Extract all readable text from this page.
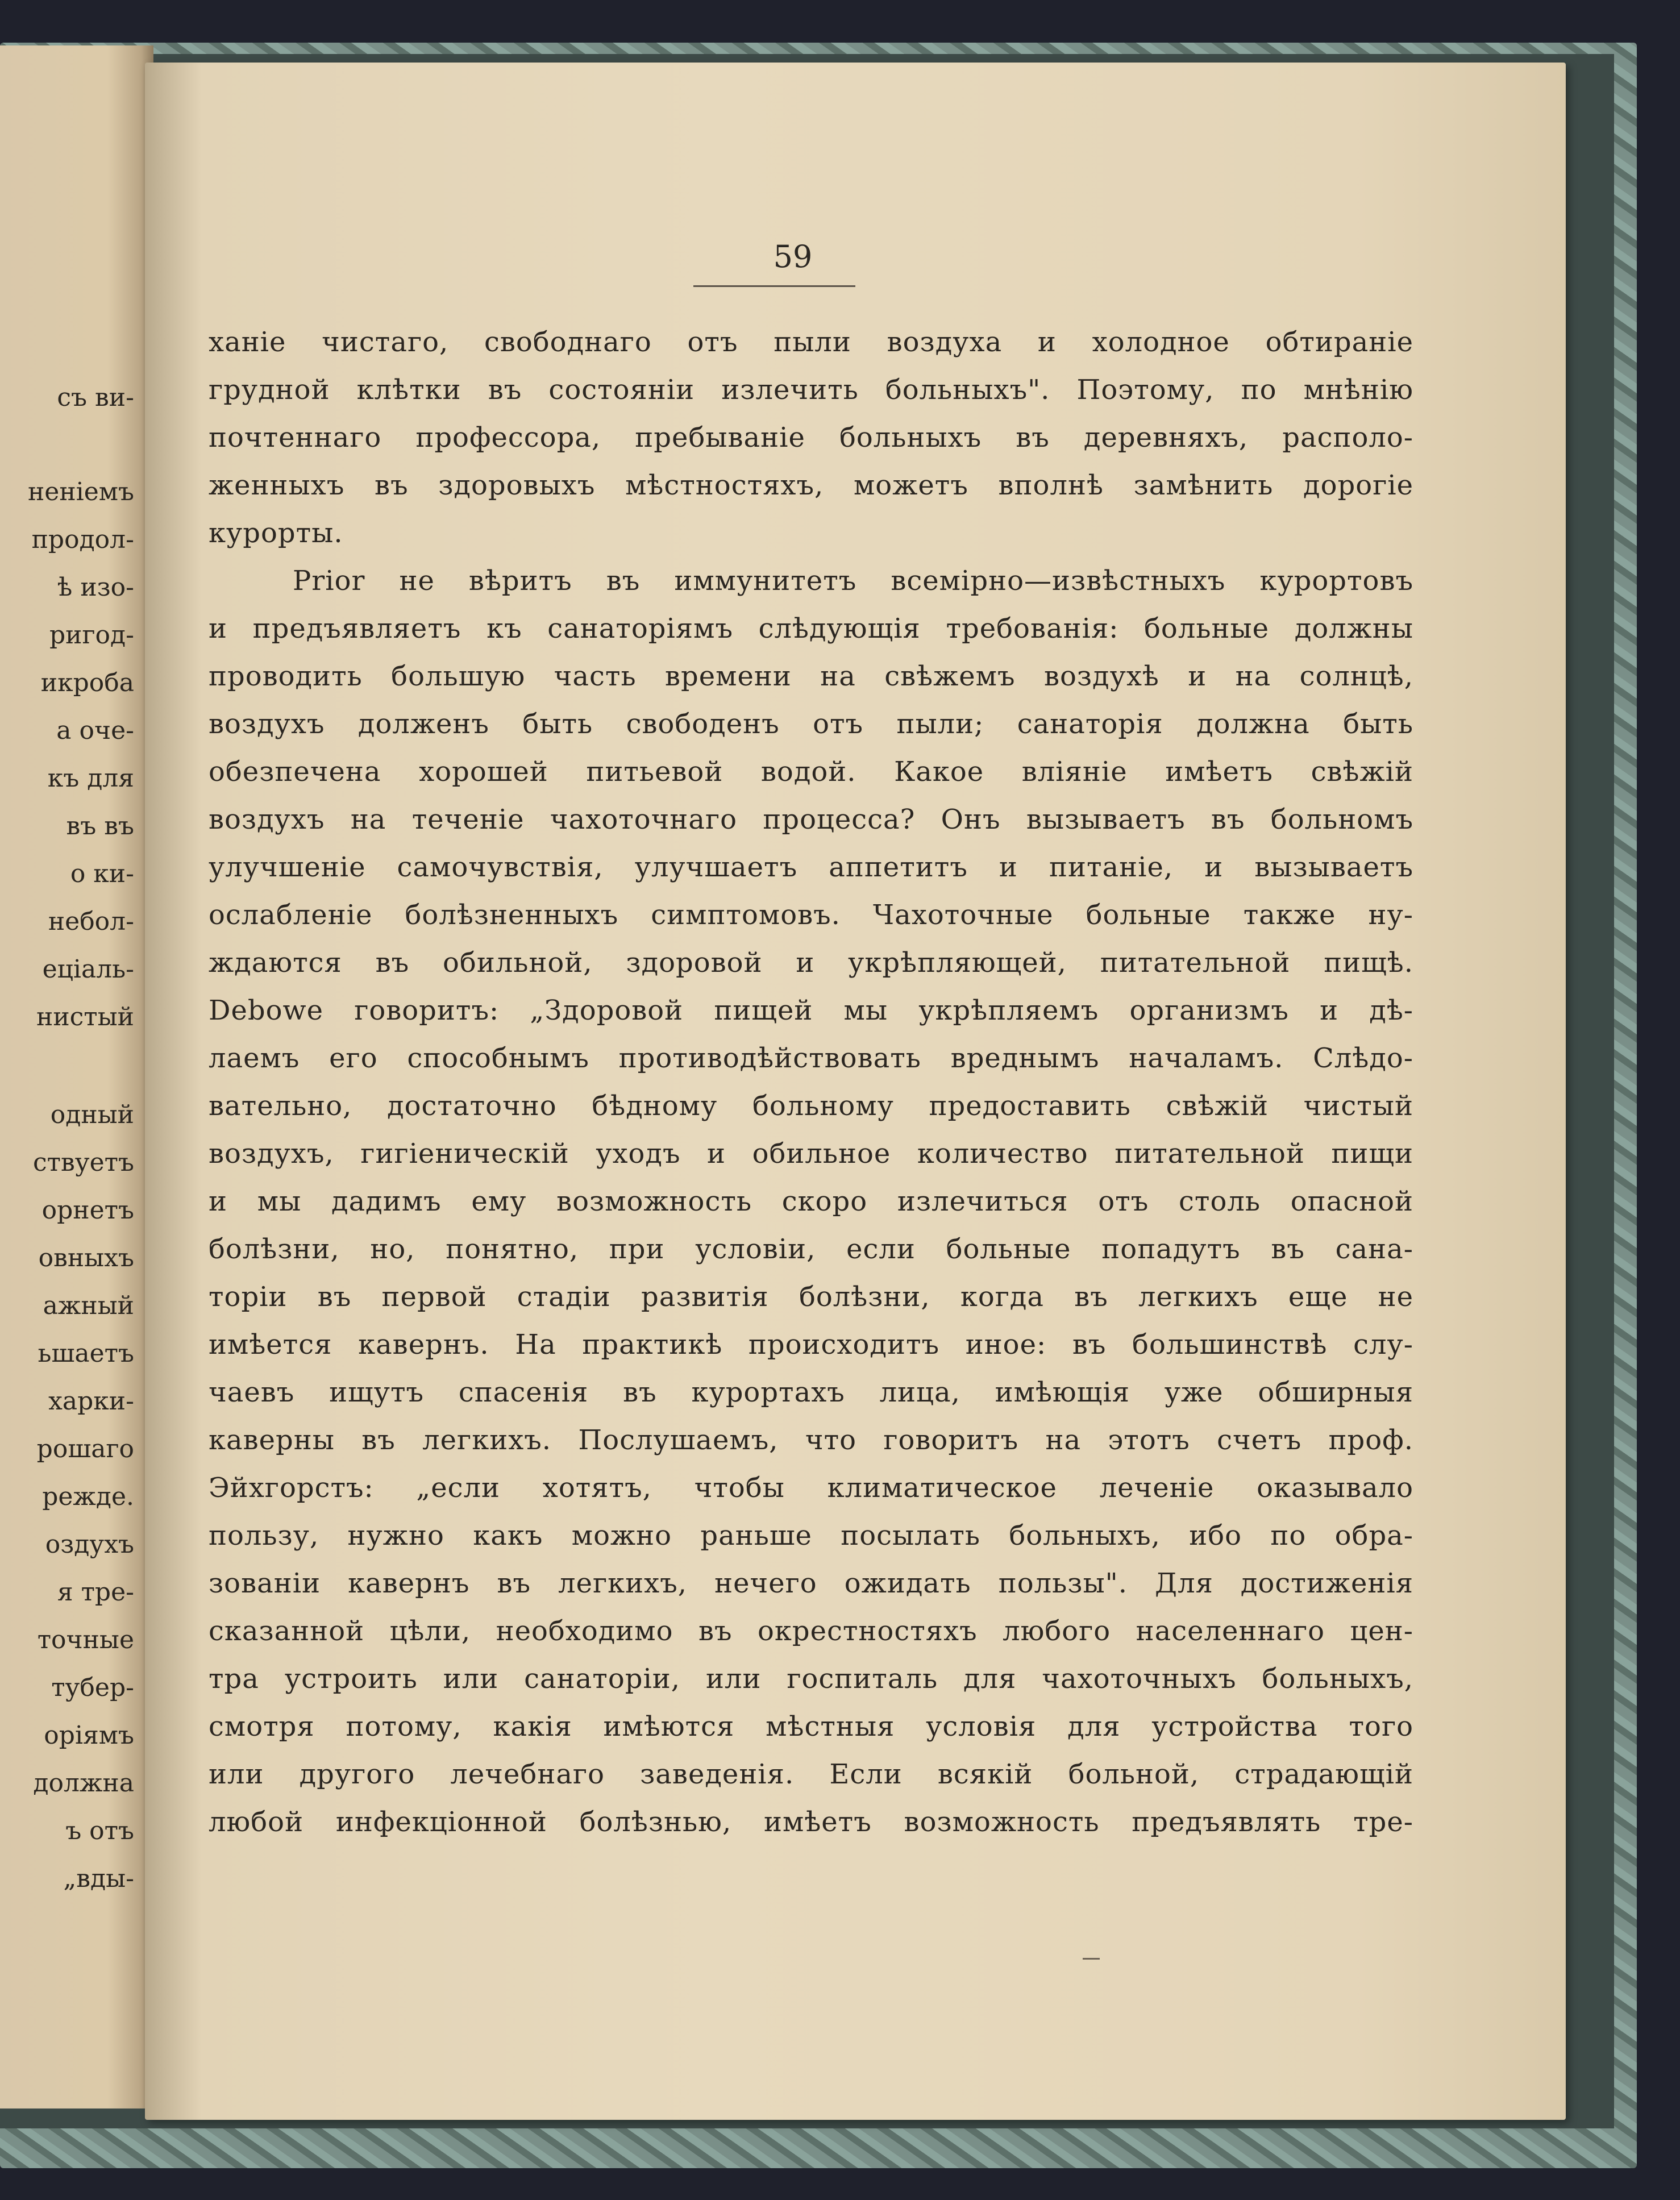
съ ви-

неніемъ

продол-

ѣ изо-

ригод-

икроба

а оче-

къ для

въ въ

о ки-

небол-

еціаль-

нистый

одный

ствуетъ

орнетъ

овныхъ

ажный

ьшаетъ

харки-

рошаго

режде.

оздухъ

я тре-

точные

тубер-

оріямъ

должна

ъ отъ

„вды-

59

ханіе чистаго, свободнаго отъ пыли воздуха и холодное обтираніе

грудной клѣтки въ состояніи излечить больныхъ". Поэтому, по мнѣнію

почтеннаго профессора, пребываніе больныхъ въ деревняхъ, располо-

женныхъ въ здоровыхъ мѣстностяхъ, можетъ вполнѣ замѣнить дорогіе

курорты.

Prior не вѣритъ въ иммунитетъ всемірно—извѣстныхъ курортовъ

и предъявляетъ къ санаторіямъ слѣдующія требованія: больные должны

проводить большую часть времени на свѣжемъ воздухѣ и на солнцѣ,

воздухъ долженъ быть свободенъ отъ пыли; санаторія должна быть

обезпечена хорошей питьевой водой. Какое вліяніе имѣетъ свѣжій

воздухъ на теченіе чахоточнаго процесса? Онъ вызываетъ въ больномъ

улучшеніе самочувствія, улучшаетъ аппетитъ и питаніе, и вызываетъ

ослабленіе болѣзненныхъ симптомовъ. Чахоточные больные также ну-

ждаются въ обильной, здоровой и укрѣпляющей, питательной пищѣ.

Debowe говоритъ: „Здоровой пищей мы укрѣпляемъ организмъ и дѣ-

лаемъ его способнымъ противодѣйствовать вреднымъ началамъ. Слѣдо-

вательно, достаточно бѣдному больному предоставить свѣжій чистый

воздухъ, гигіеническій уходъ и обильное количество питательной пищи

и мы дадимъ ему возможность скоро излечиться отъ столь опасной

болѣзни, но, понятно, при условіи, если больные попадутъ въ сана-

торіи въ первой стадіи развитія болѣзни, когда въ легкихъ еще не

имѣется кавернъ. На практикѣ происходитъ иное: въ большинствѣ слу-

чаевъ ищутъ спасенія въ курортахъ лица, имѣющія уже обширныя

каверны въ легкихъ. Послушаемъ, что говоритъ на этотъ счетъ проф.

Эйхгорстъ: „если хотятъ, чтобы климатическое леченіе оказывало

пользу, нужно какъ можно раньше посылать больныхъ, ибо по обра-

зованіи кавернъ въ легкихъ, нечего ожидать пользы". Для достиженія

сказанной цѣли, необходимо въ окрестностяхъ любого населеннаго цен-

тра устроить или санаторіи, или госпиталь для чахоточныхъ больныхъ,

смотря потому, какія имѣются мѣстныя условія для устройства того

или другого лечебнаго заведенія. Если всякій больной, страдающій

любой инфекціонной болѣзнью, имѣетъ возможность предъявлять тре-
